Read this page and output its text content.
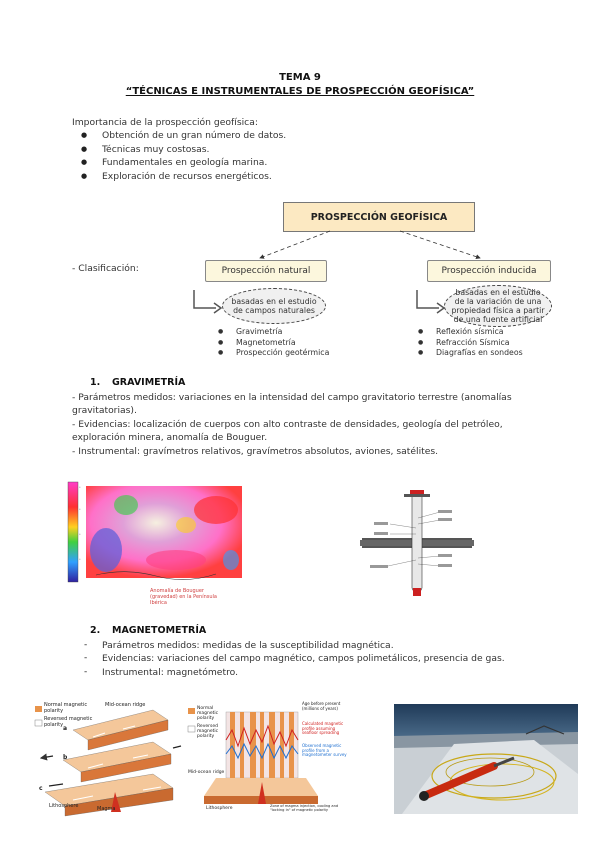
TEMA 9
“TÉCNICAS E INSTRUMENTALES DE PROSPECCIÓN GEOFÍSICA”
Importancia de la prospección geofísica:
● Obtención de un gran número de datos.
● Técnicas muy costosas.
● Fundamentales en geología marina.
● Exploración de recursos energéticos.
PROSPECCIÓN GEOFÍSICA
- Clasificación:	Prospección natural	Prospección inducida
basadas en el estudio de campos naturales
basadas en el estudio de la variación de una propiedad física a partir de una fuente artificial
● Gravimetría
● Magnetometría
● Prospección geotérmica
● Reflexión sísmica
● Refracción Sísmica
● Diagrafías en sondeos
1. GRAVIMETRÍA
- Parámetros medidos: variaciones en la intensidad del campo gravitatorio terrestre (anomalías gravitatorias).
- Evidencias: localización de cuerpos con alto contraste de densidades, geología del petróleo, exploración minera, anomalía de Bouguer.
- Instrumental: gravímetros relativos, gravímetros absolutos, aviones, satélites.
•
•
•
•
Anomalía de Bouguer (gravedad) en la Península Ibérica
2. MAGNETOMETRÍA
- Parámetros medidos: medidas de la susceptibilidad magnética.
- Evidencias: variaciones del campo magnético, campos polimetálicos, presencia de gas.
- Instrumental: magnetómetro.
Normal magnetic polarity
Reversed magnetic polarity
Mid-ocean ridge
Lithosphere	Magma
a
b
c
Normal magnetic polarity
Reversed magnetic polarity
Mid-ocean ridge
Lithosphere
Age before present (millions of years)
Calculated magnetic profile assuming seafloor spreading
Observed magnetic profile from a magnetometer survey
Zone of magma injection, cooling and "locking in" of magnetic polarity
